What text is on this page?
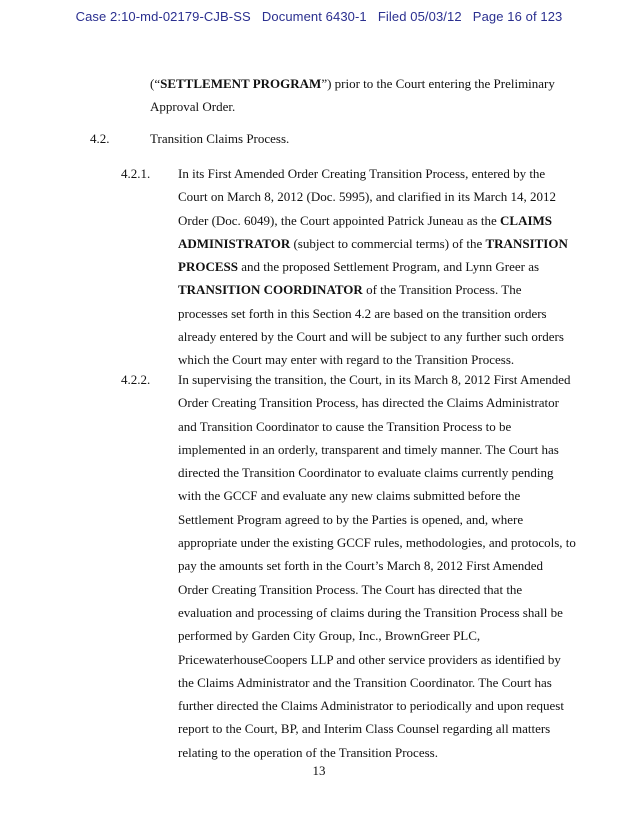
Case 2:10-md-02179-CJB-SS   Document 6430-1   Filed 05/03/12   Page 16 of 123
(“SETTLEMENT PROGRAM”) prior to the Court entering the Preliminary
Approval Order.
4.2.	Transition Claims Process.
4.2.1. In its First Amended Order Creating Transition Process, entered by the
Court on March 8, 2012 (Doc. 5995), and clarified in its March 14, 2012
Order (Doc. 6049), the Court appointed Patrick Juneau as the CLAIMS
ADMINISTRATOR (subject to commercial terms) of the TRANSITION
PROCESS and the proposed Settlement Program, and Lynn Greer as
TRANSITION COORDINATOR of the Transition Process. The
processes set forth in this Section 4.2 are based on the transition orders
already entered by the Court and will be subject to any further such orders
which the Court may enter with regard to the Transition Process.
4.2.2. In supervising the transition, the Court, in its March 8, 2012 First Amended
Order Creating Transition Process, has directed the Claims Administrator
and Transition Coordinator to cause the Transition Process to be
implemented in an orderly, transparent and timely manner. The Court has
directed the Transition Coordinator to evaluate claims currently pending
with the GCCF and evaluate any new claims submitted before the
Settlement Program agreed to by the Parties is opened, and, where
appropriate under the existing GCCF rules, methodologies, and protocols, to
pay the amounts set forth in the Court’s March 8, 2012 First Amended
Order Creating Transition Process. The Court has directed that the
evaluation and processing of claims during the Transition Process shall be
performed by Garden City Group, Inc., BrownGreer PLC,
PricewaterhouseCoopers LLP and other service providers as identified by
the Claims Administrator and the Transition Coordinator. The Court has
further directed the Claims Administrator to periodically and upon request
report to the Court, BP, and Interim Class Counsel regarding all matters
relating to the operation of the Transition Process.
13
